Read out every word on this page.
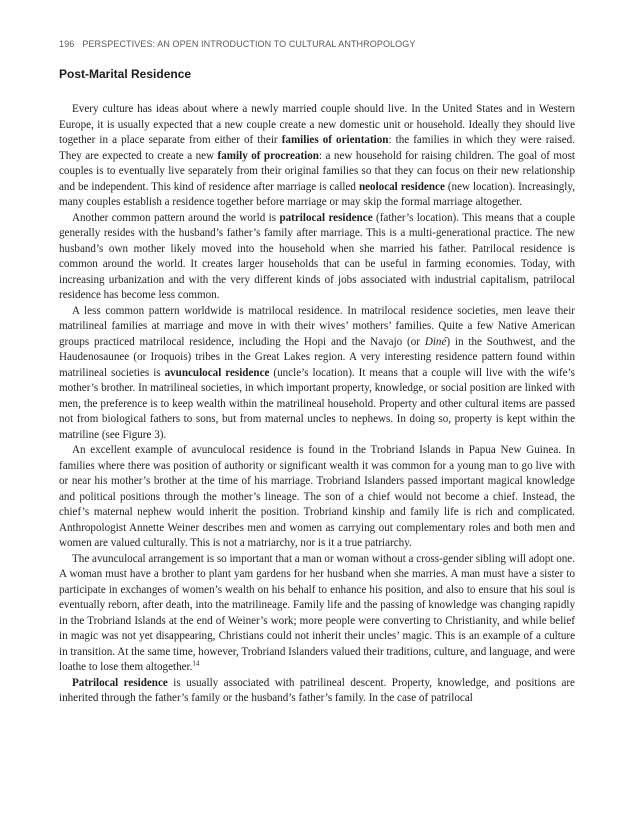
196 PERSPECTIVES: AN OPEN INTRODUCTION TO CULTURAL ANTHROPOLOGY
Post-Marital Residence

Every culture has ideas about where a newly married couple should live. In the United States and in Western Europe, it is usually expected that a new couple create a new domestic unit or household. Ideally they should live together in a place separate from either of their families of orientation: the families in which they were raised. They are expected to create a new family of procreation: a new household for raising children. The goal of most couples is to eventually live separately from their original families so that they can focus on their new relationship and be independent. This kind of residence after marriage is called neolocal residence (new location). Increasingly, many couples establish a residence together before marriage or may skip the formal marriage altogether.

Another common pattern around the world is patrilocal residence (father’s location). This means that a couple generally resides with the husband’s father’s family after marriage. This is a multi-generational practice. The new husband’s own mother likely moved into the household when she married his father. Patrilocal residence is common around the world. It creates larger households that can be useful in farming economies. Today, with increasing urbanization and with the very different kinds of jobs associated with industrial capitalism, patrilocal residence has become less common.

A less common pattern worldwide is matrilocal residence. In matrilocal residence societies, men leave their matrilineal families at marriage and move in with their wives’ mothers’ families. Quite a few Native American groups practiced matrilocal residence, including the Hopi and the Navajo (or Diné) in the Southwest, and the Haudenosaunee (or Iroquois) tribes in the Great Lakes region. A very interesting residence pattern found within matrilineal societies is avunculocal residence (uncle’s location). It means that a couple will live with the wife’s mother’s brother. In matrilineal societies, in which important property, knowledge, or social position are linked with men, the preference is to keep wealth within the matrilineal household. Property and other cultural items are passed not from biological fathers to sons, but from maternal uncles to nephews. In doing so, property is kept within the matriline (see Figure 3).

An excellent example of avunculocal residence is found in the Trobriand Islands in Papua New Guinea. In families where there was position of authority or significant wealth it was common for a young man to go live with or near his mother’s brother at the time of his marriage. Trobriand Islanders passed important magical knowledge and political positions through the mother’s lineage. The son of a chief would not become a chief. Instead, the chief’s maternal nephew would inherit the position. Trobriand kinship and family life is rich and complicated. Anthropologist Annette Weiner describes men and women as carrying out complementary roles and both men and women are valued culturally. This is not a matriarchy, nor is it a true patriarchy.

The avunculocal arrangement is so important that a man or woman without a cross-gender sibling will adopt one. A woman must have a brother to plant yam gardens for her husband when she marries. A man must have a sister to participate in exchanges of women’s wealth on his behalf to enhance his position, and also to ensure that his soul is eventually reborn, after death, into the matrilineage. Family life and the passing of knowledge was changing rapidly in the Trobriand Islands at the end of Weiner’s work; more people were converting to Christianity, and while belief in magic was not yet disappearing, Christians could not inherit their uncles’ magic. This is an example of a culture in transition. At the same time, however, Trobriand Islanders valued their traditions, culture, and language, and were loathe to lose them altogether.$^{14}$

Patrilocal residence is usually associated with patrilineal descent. Property, knowledge, and positions are inherited through the father’s family or the husband’s father’s family. In the case of patrilocal
